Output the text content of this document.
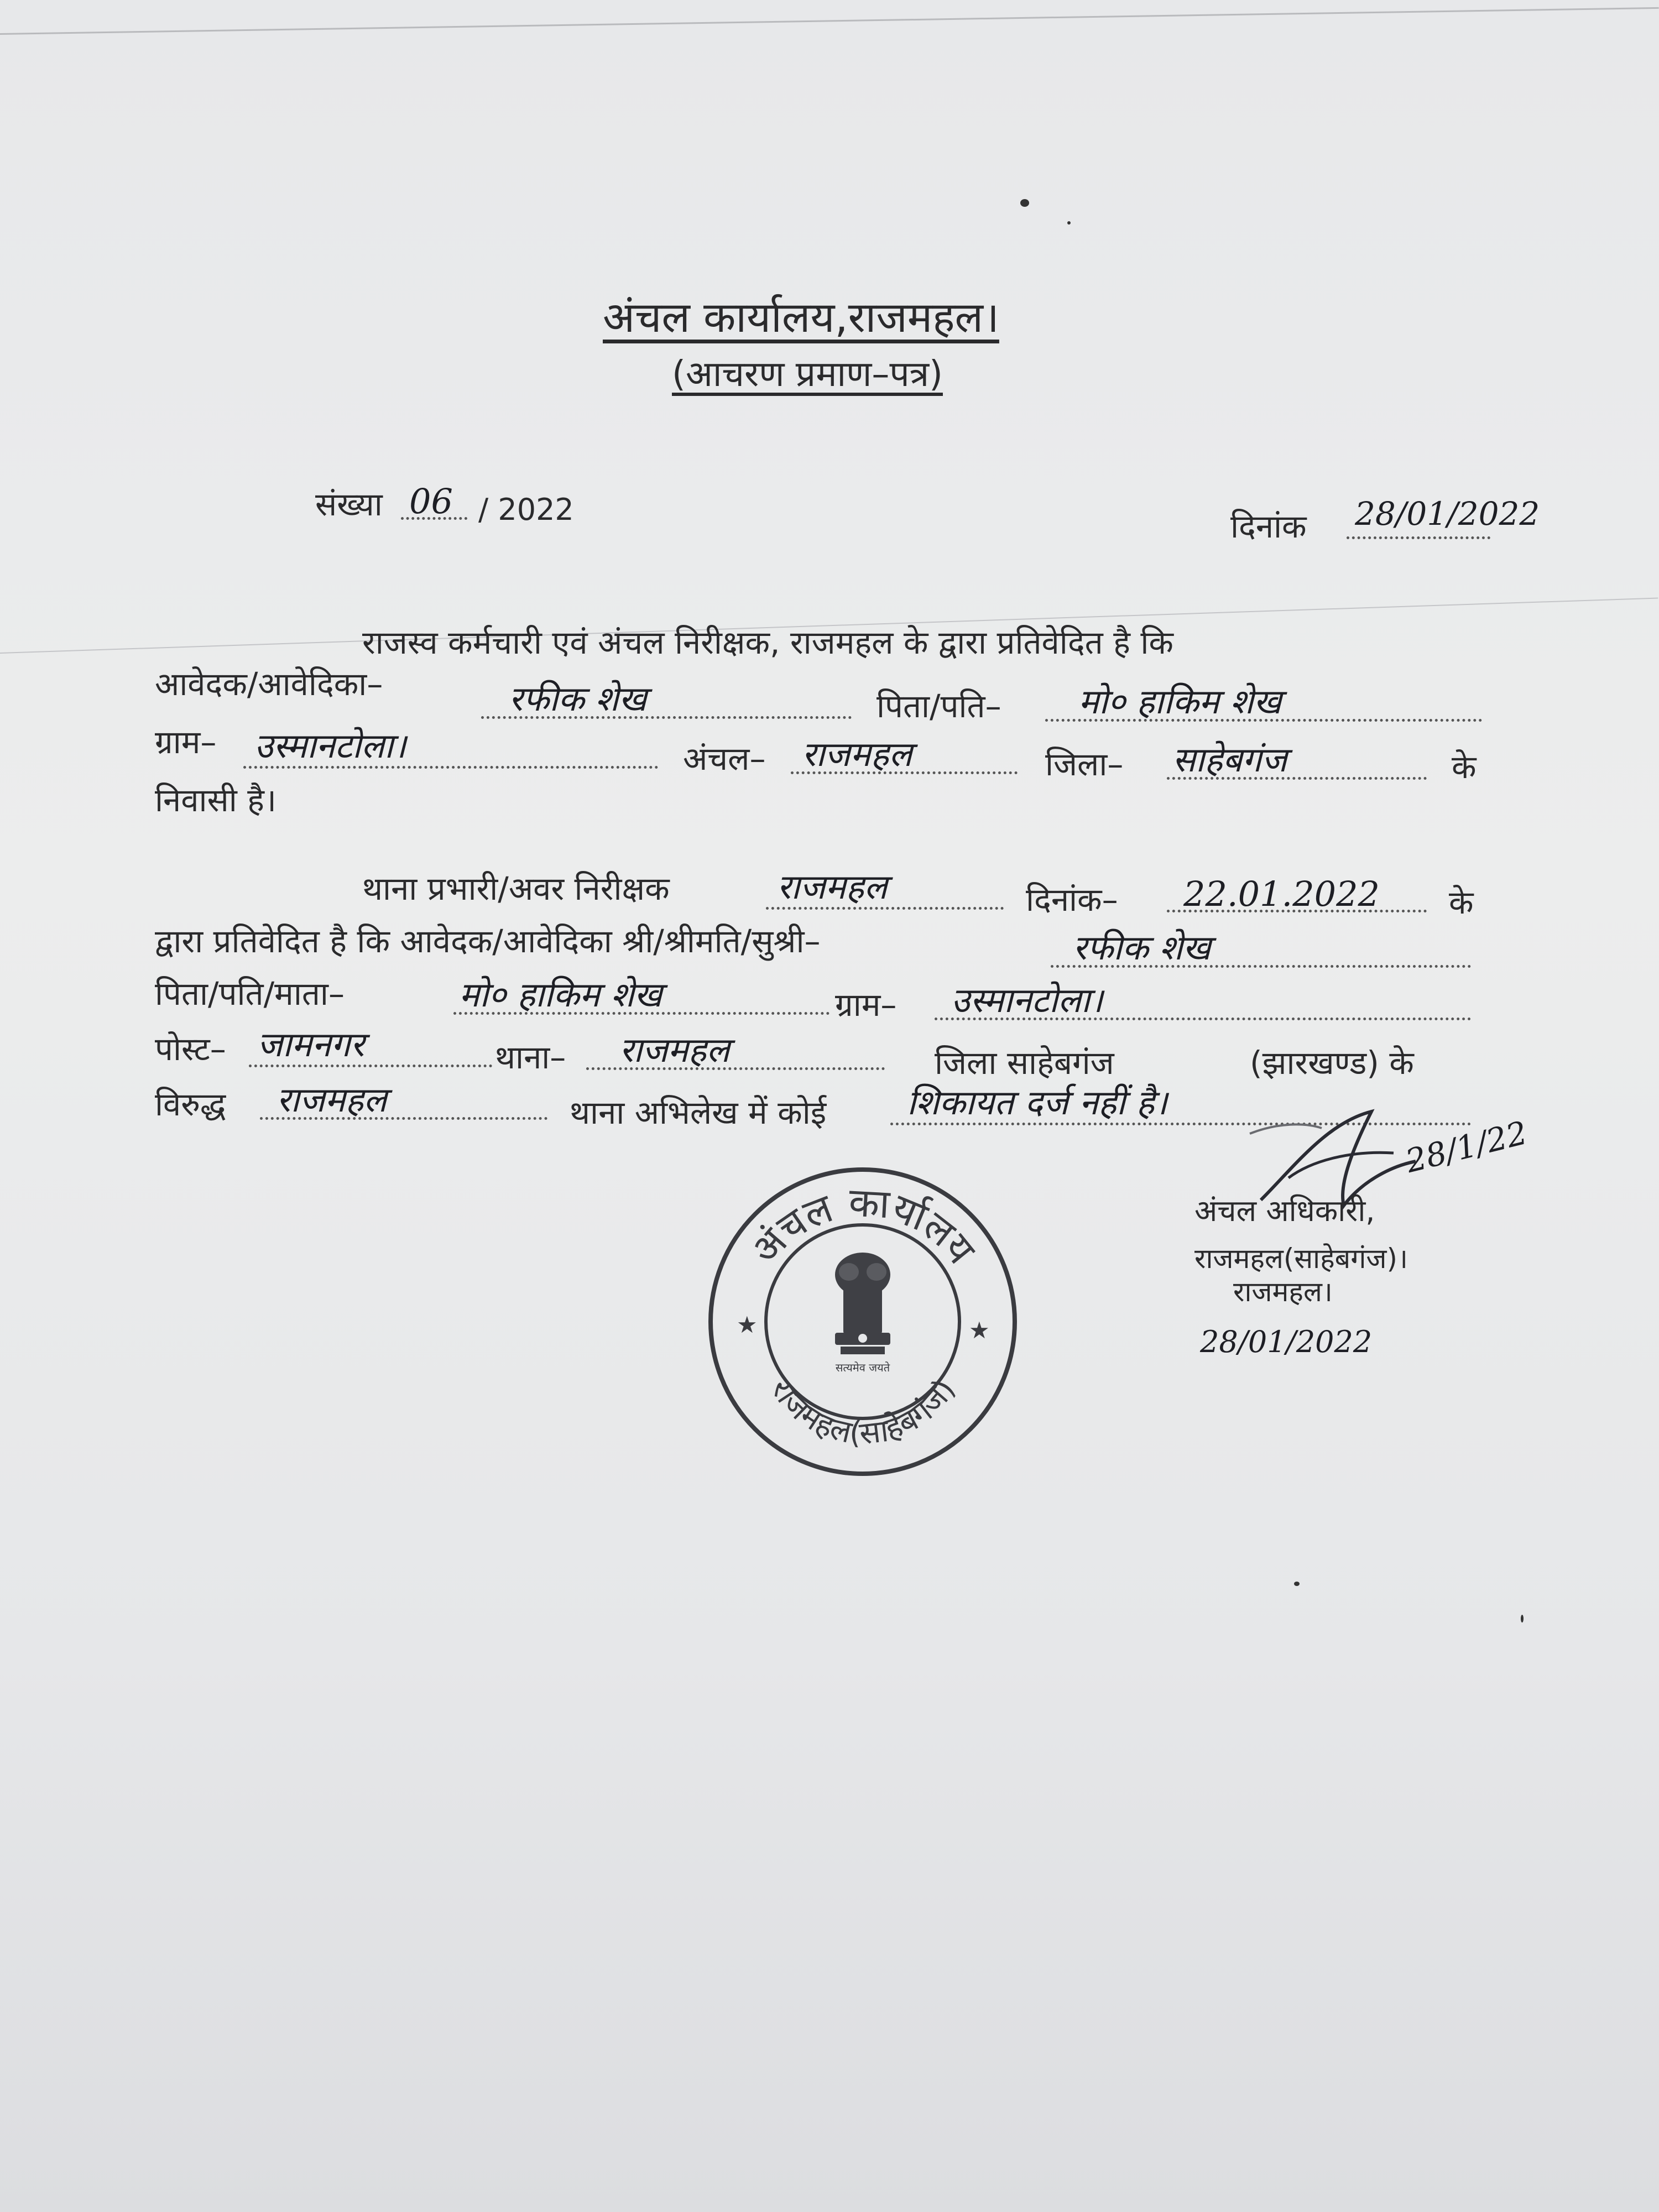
अंचल कार्यालय,राजमहल।
(आचरण प्रमाण–पत्र)
संख्या 06 / 2022	दिनांक 28/01/2022
राजस्व कर्मचारी एवं अंचल निरीक्षक, राजमहल के द्वारा प्रतिवेदित है कि
आवेदक/आवेदिका–	रफीक शेख	पिता/पति– मो० हाकिम शेख
ग्राम– उस्मानटोला।	अंचल– राजमहल	जिला– साहेबगंज	के
निवासी है।
थाना प्रभारी/अवर निरीक्षक	राजमहल	दिनांक– 22.01.2022 के
द्वारा प्रतिवेदित है कि आवेदक/आवेदिका श्री/श्रीमति/सुश्री–	रफीक शेख
पिता/पति/माता–	मो० हाकिम शेख	ग्राम– उस्मानटोला।
पोस्ट– जामनगर	थाना– राजमहल	जिला साहेबगंज	(झारखण्ड) के
विरुद्ध राजमहल	थाना अभिलेख में कोई शिकायत दर्ज नहीं है।
28/1/22
अंचल अधिकारी,
राजमहल(साहेबगंज)।
राजमहल।
28/01/2022
अंचल कार्यालय
राजमहल(साहेबगंज)
★	★
सत्यमेव जयते
